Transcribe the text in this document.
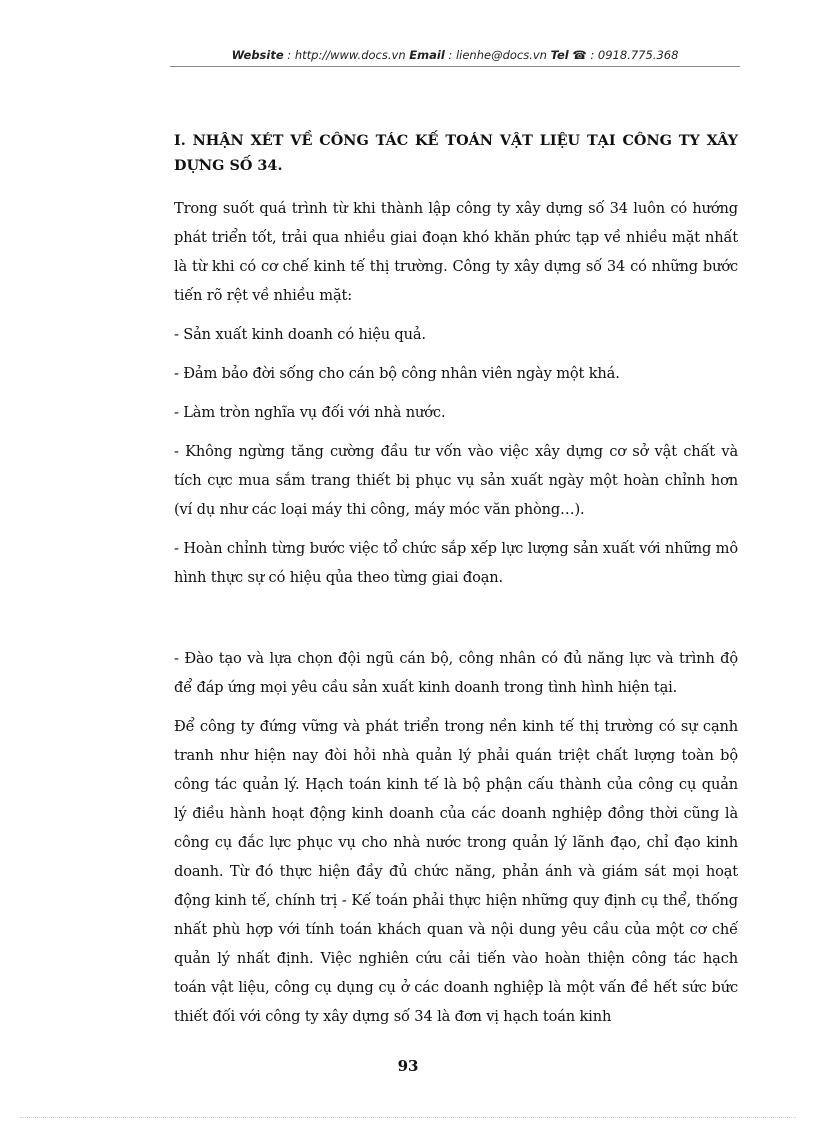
Website : http://www.docs.vn Email : lienhe@docs.vn Tel ☎ : 0918.775.368
I. NHẬN XÉT VỀ CÔNG TÁC KẾ TOÁN VẬT LIỆU TẠI CÔNG TY XÂY DỰNG SỐ 34.

Trong suốt quá trình từ khi thành lập công ty xây dựng số 34 luôn có hướng phát triển tốt, trải qua nhiều giai đoạn khó khăn phức tạp về nhiều mặt nhất là từ khi có cơ chế kinh tế thị trường. Công ty xây dựng số 34 có những bước tiến rõ rệt về nhiều mặt:

- Sản xuất kinh doanh có hiệu quả.

- Đảm bảo đời sống cho cán bộ công nhân viên ngày một khá.

- Làm tròn nghĩa vụ đối với nhà nước.

- Không ngừng tăng cường đầu tư vốn vào việc xây dựng cơ sở vật chất và tích cực mua sắm trang thiết bị phục vụ sản xuất ngày một hoàn chỉnh hơn (ví dụ như các loại máy thi công, máy móc văn phòng…).

- Hoàn chỉnh từng bước việc tổ chức sắp xếp lực lượng sản xuất với những mô hình thực sự có hiệu qủa theo từng giai đoạn.

- Đào tạo và lựa chọn đội ngũ cán bộ, công nhân có đủ năng lực và trình độ để đáp ứng mọi yêu cầu sản xuất kinh doanh trong tình hình hiện tại.

Để công ty đứng vững và phát triển trong nền kinh tế thị trường có sự cạnh tranh như hiện nay đòi hỏi nhà quản lý phải quán triệt chất lượng toàn bộ công tác quản lý. Hạch toán kinh tế là bộ phận cấu thành của công cụ quản lý điều hành hoạt động kinh doanh của các doanh nghiệp đồng thời cũng là công cụ đắc lực phục vụ cho nhà nước trong quản lý lãnh đạo, chỉ đạo kinh doanh. Từ đó thực hiện đầy đủ chức năng, phản ánh và giám sát mọi hoạt động kinh tế, chính trị - Kế toán phải thực hiện những quy định cụ thể, thống nhất phù hợp với tính toán khách quan và nội dung yêu cầu của một cơ chế quản lý nhất định. Việc nghiên cứu cải tiến vào hoàn thiện công tác hạch toán vật liệu, công cụ dụng cụ ở các doanh nghiệp là một vấn đề hết sức bức thiết đối với công ty xây dựng số 34 là đơn vị hạch toán kinh

93
